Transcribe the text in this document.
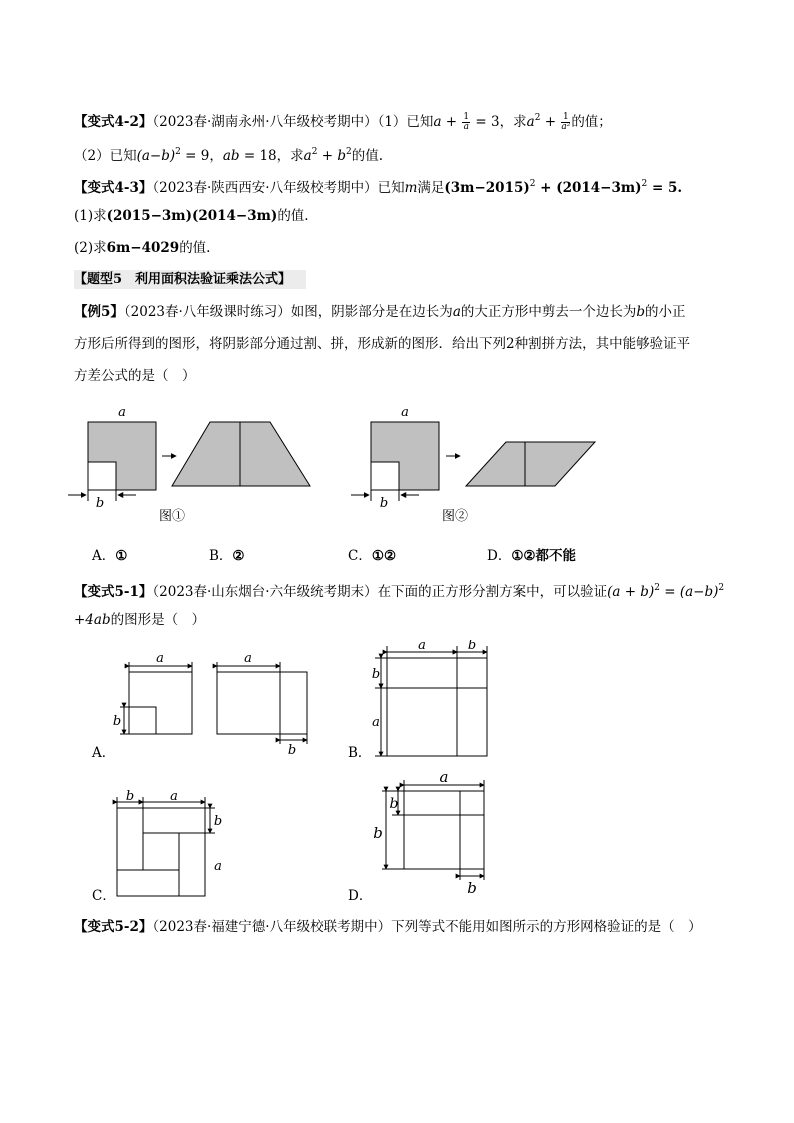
【变式4-2】（2023春·湖南永州·八年级校考期中）（1）已知$a + \frac{1}{a} = 3$，求$a^2 + \frac{1}{\text{a²}}$ 的值；
（2）已知$(a-b)^2 = 9$，ab = 18，求$a^2 + b^2$的值.
【变式4-3】（2023春·陕西西安·八年级校考期中）已知m满足$(3m-2015)^2 + (2014-3m)^2 = 5$.
(1)求(2015−3m)(2014−3m)的值.
(2)求6m−4029的值.
【题型5　利用面积法验证乘法公式】
【例5】（2023春·八年级课时练习）如图，阴影部分是在边长为a的大正方形中剪去一个边长为b的小正
方形后所得到的图形，将阴影部分通过割、拼，形成新的图形．给出下列2种割拼方法，其中能够验证平
方差公式的是（　）
a
b
图①
a
b
图②
A．①	B．②	C．①②	D．①②都不能
【变式5-1】（2023春·山东烟台·六年级统考期末）在下面的正方形分割方案中，可以验证$(a + b)^2 = (a-b)^2$
+4ab的图形是（　）
a
b
a
b
a	b
b
a
b	a
b
a
a
b
b
b
A．	B．
C．	D．
【变式5-2】（2023春·福建宁德·八年级校联考期中）下列等式不能用如图所示的方形网格验证的是（　）
